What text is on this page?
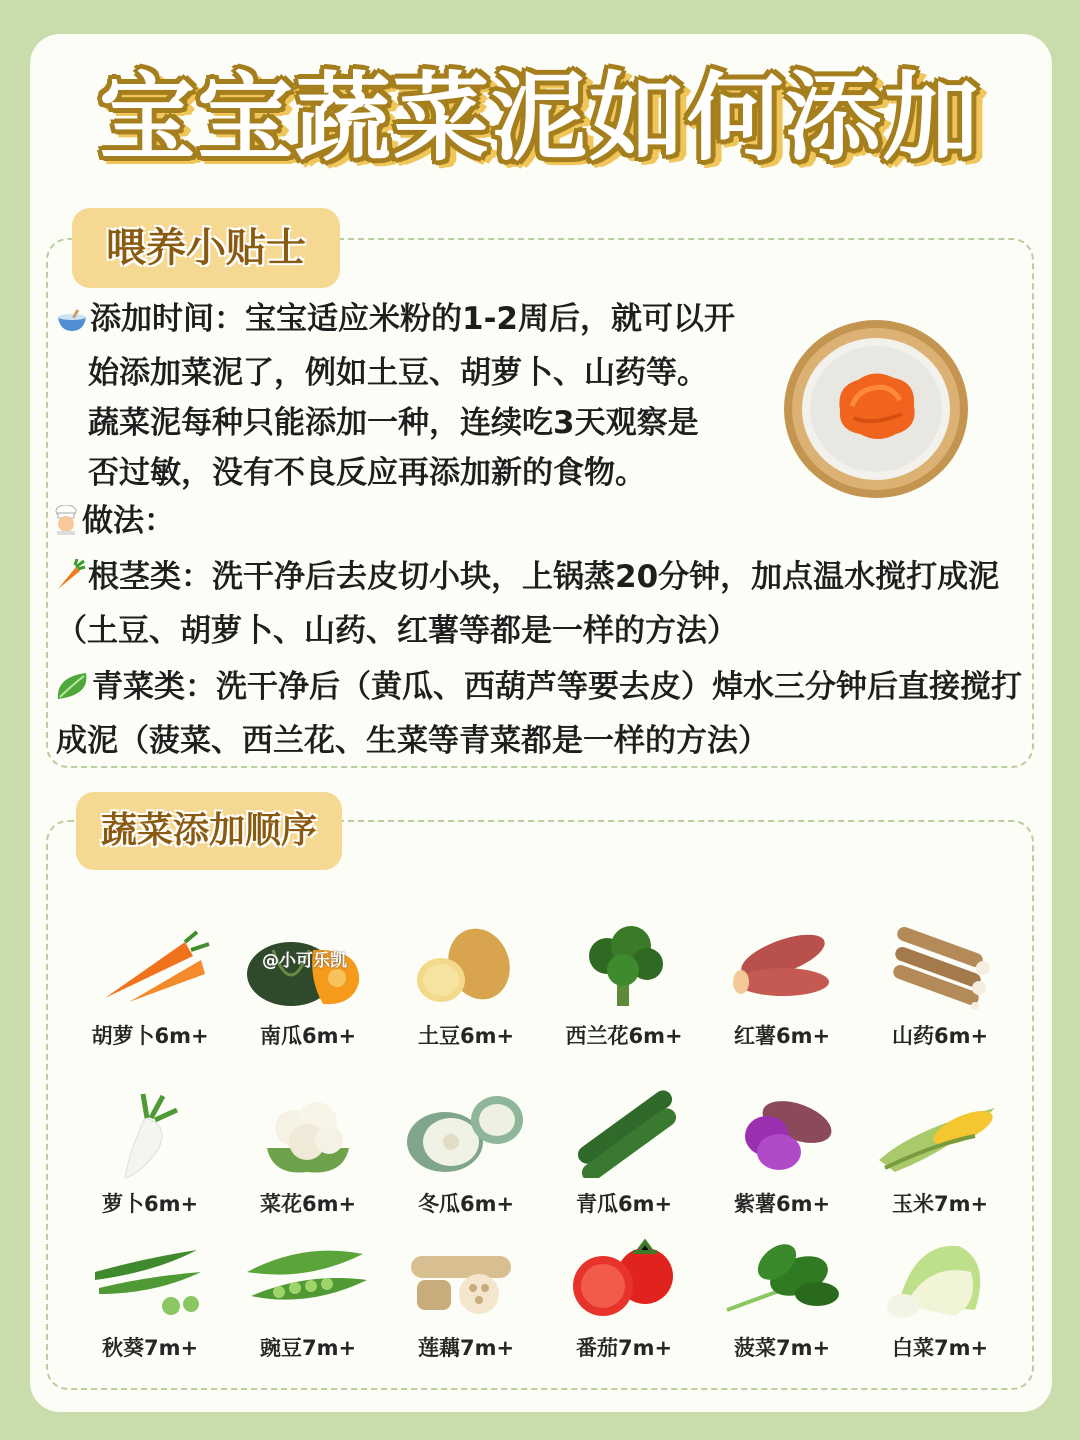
宝宝蔬菜泥如何添加
喂养小贴士
添加时间：宝宝适应米粉的1-2周后，就可以开
始添加菜泥了，例如土豆、胡萝卜、山药等。
蔬菜泥每种只能添加一种，连续吃3天观察是
否过敏，没有不良反应再添加新的食物。
做法：
根茎类：洗干净后去皮切小块，上锅蒸20分钟，加点温水搅打成泥（土豆、胡萝卜、山药、红薯等都是一样的方法）
青菜类：洗干净后（黄瓜、西葫芦等要去皮）焯水三分钟后直接搅打成泥（菠菜、西兰花、生菜等青菜都是一样的方法）
蔬菜添加顺序
胡萝卜6m+	南瓜6m+	土豆6m+	西兰花6m+	红薯6m+	山药6m+
萝卜6m+	菜花6m+	冬瓜6m+	青瓜6m+	紫薯6m+	玉米7m+
秋葵7m+	豌豆7m+	莲藕7m+	番茄7m+	菠菜7m+	白菜7m+
@小可乐凯
